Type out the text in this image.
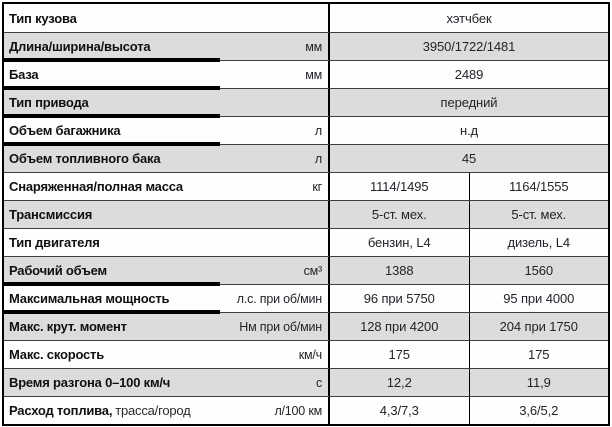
Тип кузова	хэтчбек
Длина/ширина/высота	мм	3950/1722/1481
База	мм	2489
Тип привода	передний
Объем багажника	л	н.д
Объем топливного бака	л	45
Снаряженная/полная масса	кг	1114/1495	1164/1555
Трансмиссия	5-ст. мех.	5-ст. мех.
Тип двигателя	бензин, L4	дизель, L4
Рабочий объем	см³	1388	1560
Максимальная мощность	л.с. при об/мин	96 при 5750	95 при 4000
Макс. крут. момент	Нм при об/мин	128 при 4200	204 при 1750
Макс. скорость	км/ч	175	175
Время разгона 0–100 км/ч	с	12,2	11,9
Расход топлива, трасса/город	л/100 км	4,3/7,3	3,6/5,2
